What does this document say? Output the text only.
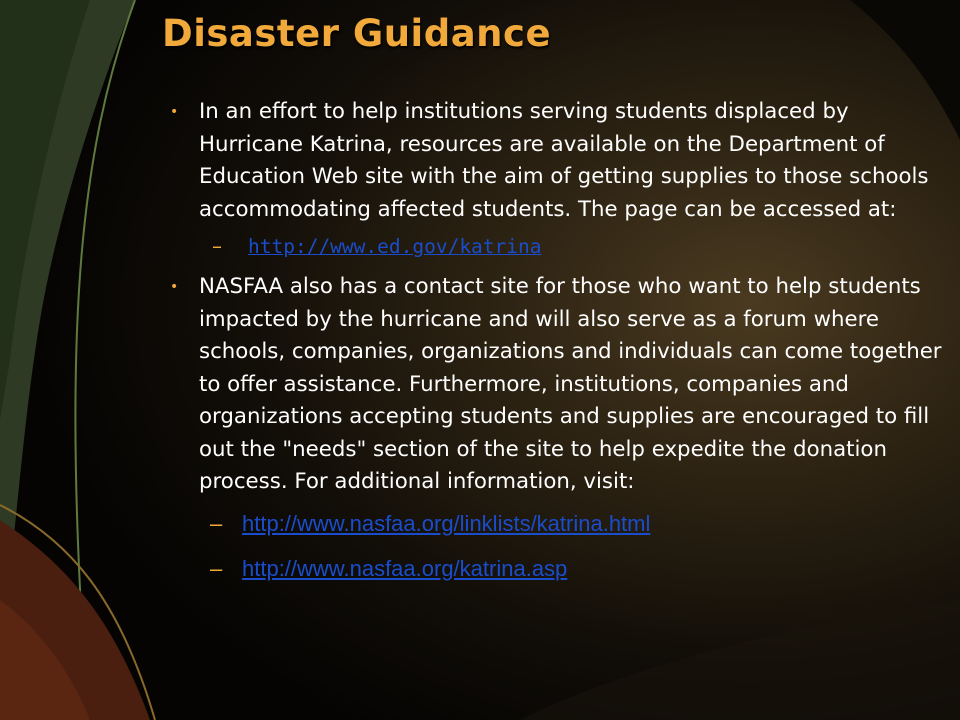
Disaster Guidance

• In an effort to help institutions serving students displaced by Hurricane Katrina, resources are available on the Department of Education Web site with the aim of getting supplies to those schools accommodating affected students. The page can be accessed at:

– http://www.ed.gov/katrina

• NASFAA also has a contact site for those who want to help students impacted by the hurricane and will also serve as a forum where schools, companies, organizations and individuals can come together to offer assistance. Furthermore, institutions, companies and organizations accepting students and supplies are encouraged to fill out the "needs" section of the site to help expedite the donation process. For additional information, visit:

– http://www.nasfaa.org/linklists/katrina.html
– http://www.nasfaa.org/katrina.asp
